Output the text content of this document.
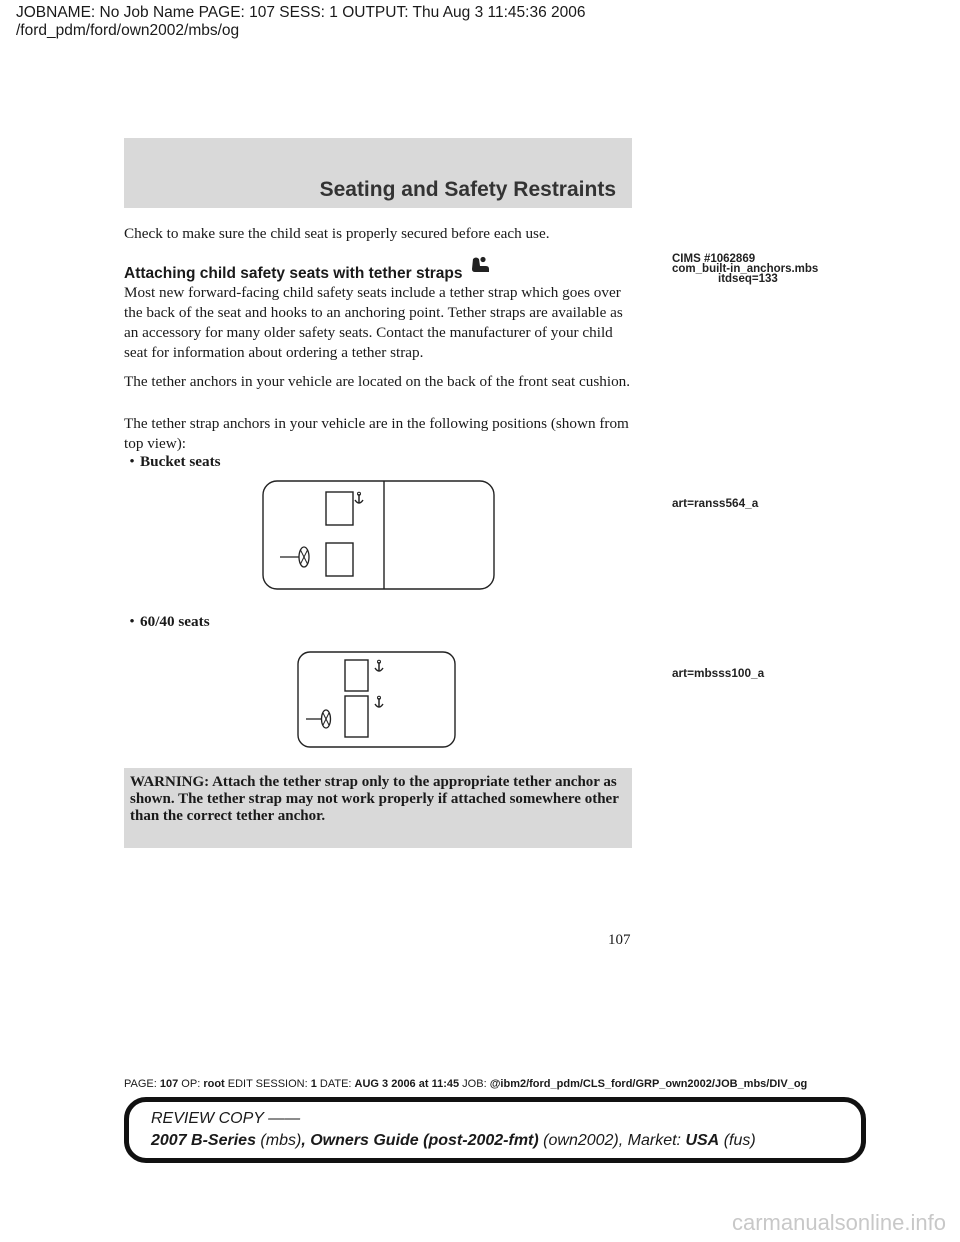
JOBNAME: No Job Name PAGE: 107 SESS: 1 OUTPUT: Thu Aug 3 11:45:36 2006
/ford_pdm/ford/own2002/mbs/og
Seating and Safety Restraints
Check to make sure the child seat is properly secured before each use.
Attaching child safety seats with tether straps
Most new forward-facing child safety seats include a tether strap which goes over the back of the seat and hooks to an anchoring point. Tether straps are available as an accessory for many older safety seats. Contact the manufacturer of your child seat for information about ordering a tether strap.
The tether anchors in your vehicle are located on the back of the front seat cushion.
The tether strap anchors in your vehicle are in the following positions (shown from top view):
• Bucket seats
• 60/40 seats
CIMS #1062869
com_built-in_anchors.mbs
itdseq=133
art=ranss564_a
art=mbsss100_a
WARNING: Attach the tether strap only to the appropriate tether anchor as shown. The tether strap may not work properly if attached somewhere other than the correct tether anchor.
107
PAGE: 107 OP: root EDIT SESSION: 1 DATE: AUG 3 2006 at 11:45 JOB: @ibm2/ford_pdm/CLS_ford/GRP_own2002/JOB_mbs/DIV_og
REVIEW COPY ——
2007 B-Series (mbs), Owners Guide (post-2002-fmt) (own2002), Market: USA (fus)
carmanualsonline.info
